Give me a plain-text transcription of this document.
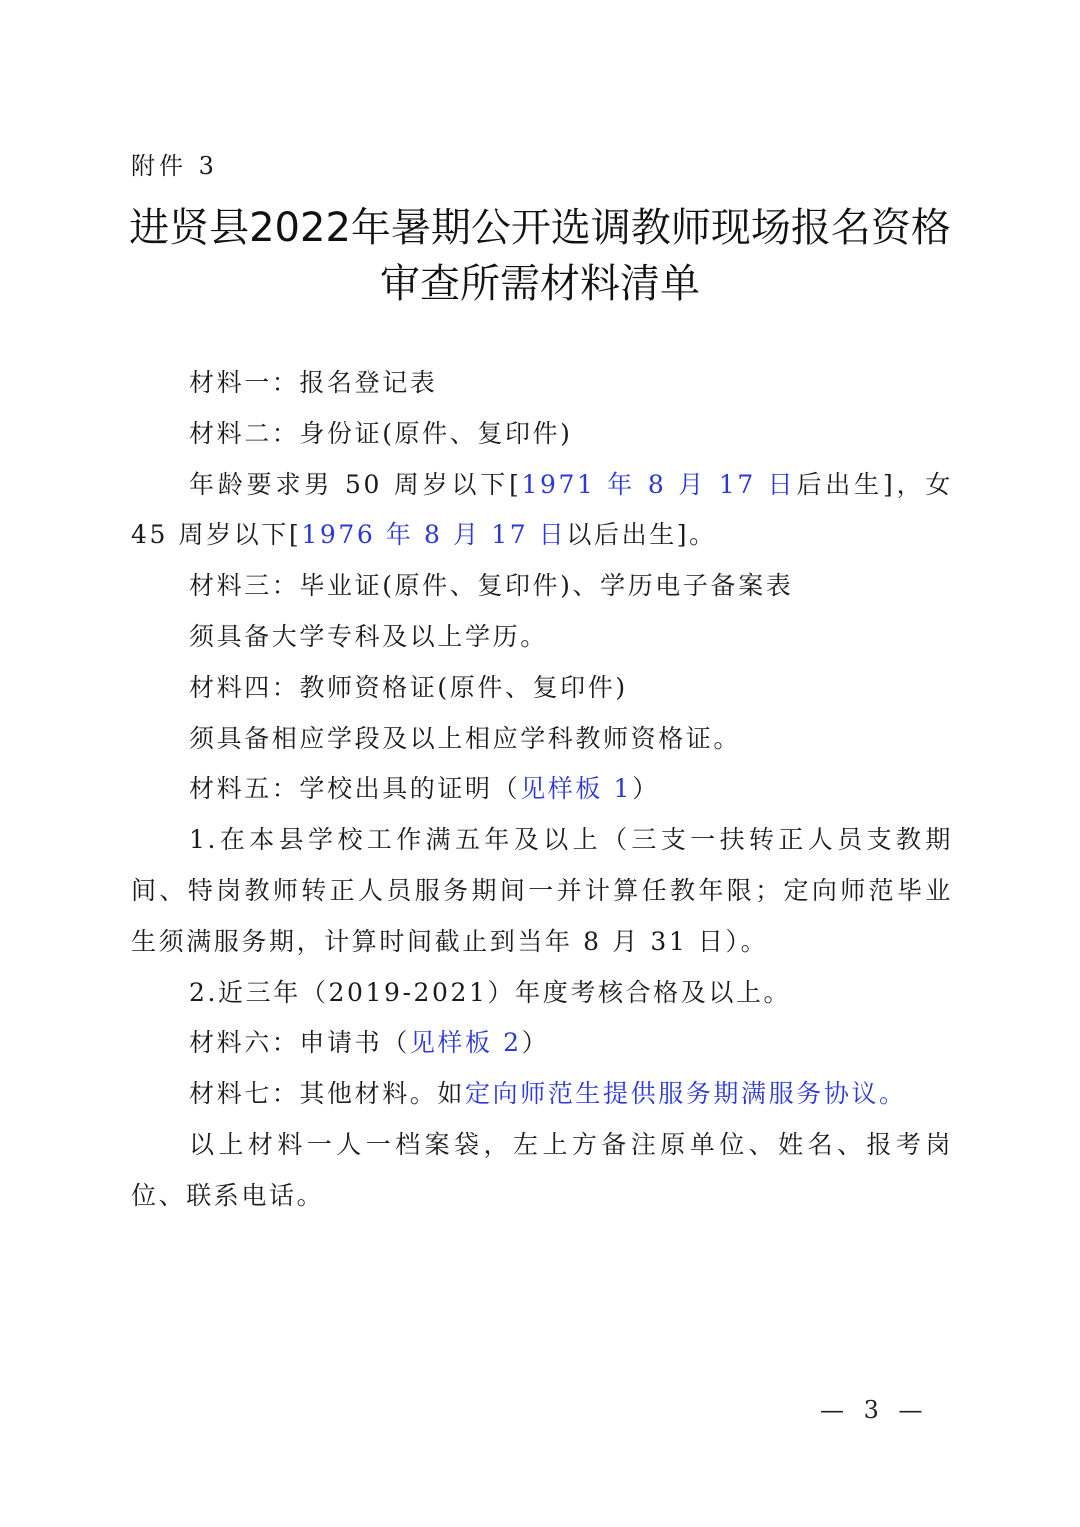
附件 3
进贤县2022年暑期公开选调教师现场报名资格
审查所需材料清单

材料一：报名登记表

材料二：身份证(原件、复印件)

年龄要求男 50 周岁以下[1971 年 8 月 17 日后出生]，女 45 周岁以下[1976 年 8 月 17 日以后出生]。

材料三：毕业证(原件、复印件)、学历电子备案表

须具备大学专科及以上学历。

材料四：教师资格证(原件、复印件)

须具备相应学段及以上相应学科教师资格证。

材料五：学校出具的证明（见样板 1）

1.在本县学校工作满五年及以上（三支一扶转正人员支教期间、特岗教师转正人员服务期间一并计算任教年限；定向师范毕业生须满服务期，计算时间截止到当年 8 月 31 日）。

2.近三年（2019-2021）年度考核合格及以上。

材料六：申请书（见样板 2）

材料七：其他材料。如定向师范生提供服务期满服务协议。

以上材料一人一档案袋，左上方备注原单位、姓名、报考岗位、联系电话。

— 3 —
